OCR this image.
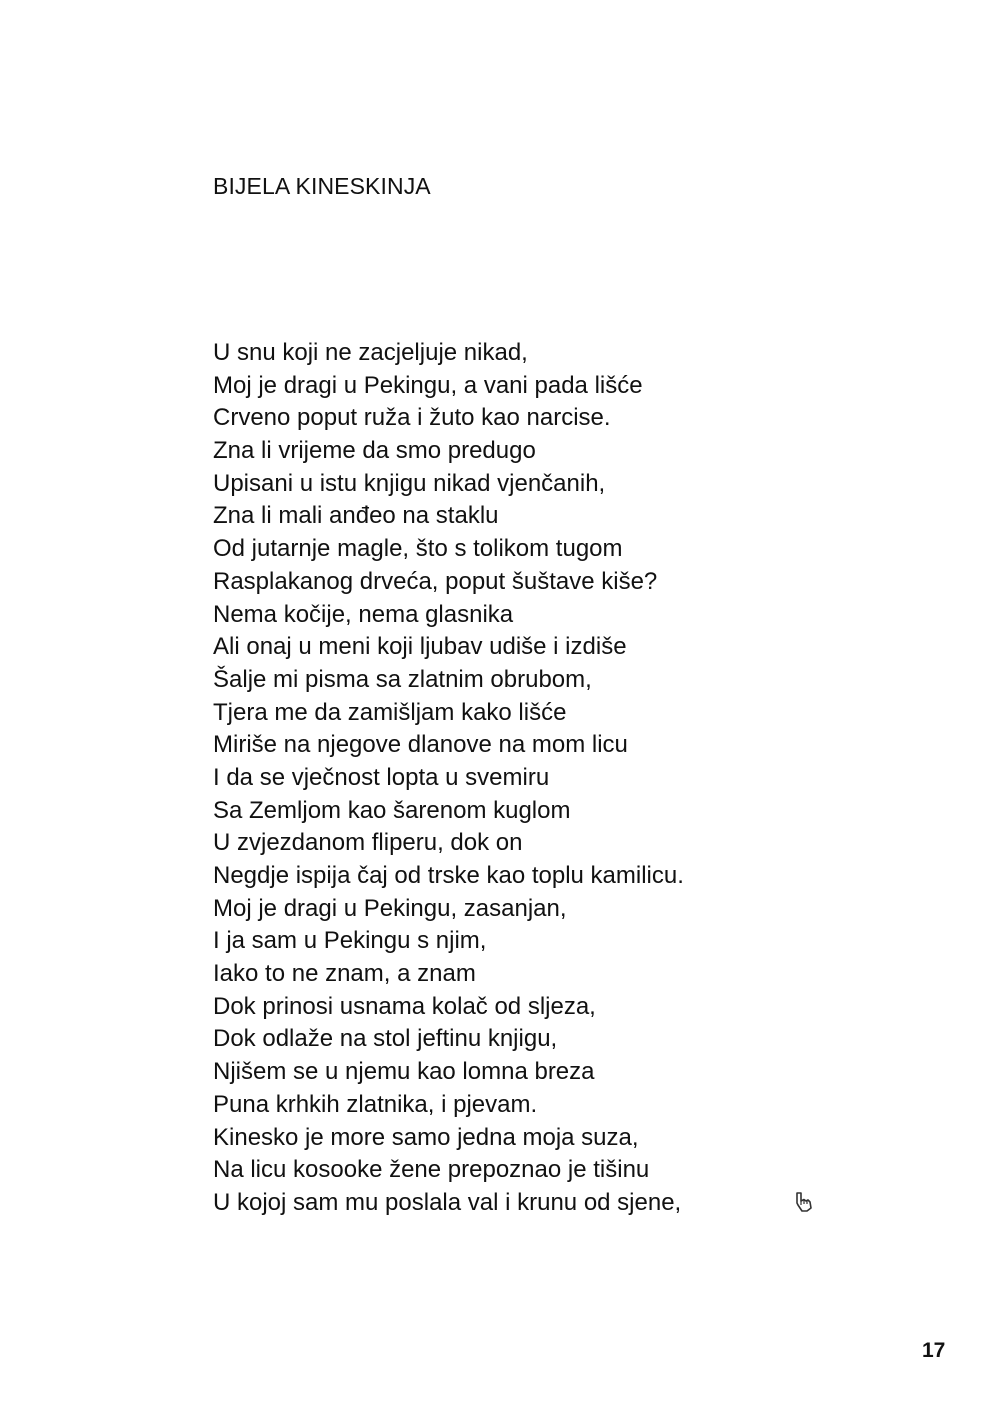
BIJELA KINESKINJA
U snu koji ne zacjeljuje nikad,
Moj je dragi u Pekingu, a vani pada lišće
Crveno poput ruža i žuto kao narcise.
Zna li vrijeme da smo predugo
Upisani u istu knjigu nikad vjenčanih,
Zna li mali anđeo na staklu
Od jutarnje magle, što s tolikom tugom
Rasplakanog drveća, poput šuštave kiše?
Nema kočije, nema glasnika
Ali onaj u meni koji ljubav udiše i izdiše
Šalje mi pisma sa zlatnim obrubom,
Tjera me da zamišljam kako lišće
Miriše na njegove dlanove na mom licu
I da se vječnost lopta u svemiru
Sa Zemljom kao šarenom kuglom
U zvjezdanom fliperu, dok on
Negdje ispija čaj od trske kao toplu kamilicu.
Moj je dragi u Pekingu, zasanjan,
I ja sam u Pekingu s njim,
Iako to ne znam, a znam
Dok prinosi usnama kolač od sljeza,
Dok odlaže na stol jeftinu knjigu,
Njišem se u njemu kao lomna breza
Puna krhkih zlatnika, i pjevam.
Kinesko je more samo jedna moja suza,
Na licu kosooke žene prepoznao je tišinu
U kojoj sam mu poslala val i krunu od sjene,
17
